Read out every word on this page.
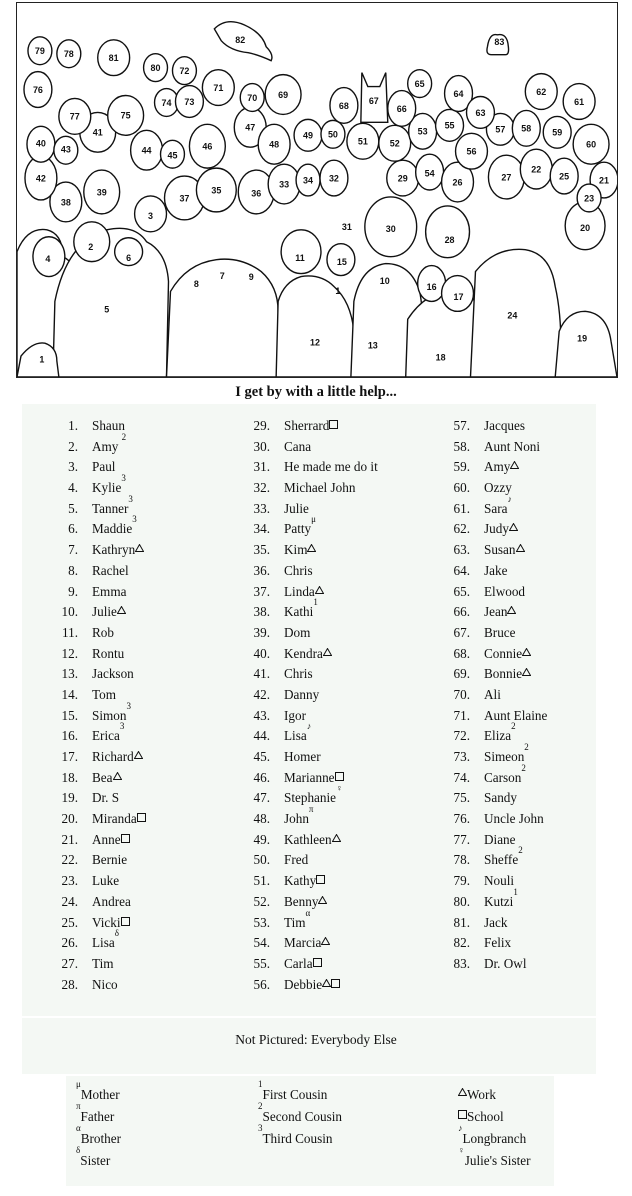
79 78	81
80 72
82	83
76	71
74 73	70 69
65
64	62
67
68	66	63
61
77	75
41	47
50
49	53
55	57 58 59
40
43	44 45
46	48	51 52
56
60
42
22
29 54
32
34
33	26	27	25	21
39	35	36
37	23
38
3
31	30	20
28
2
4	6	11	15
7	9
8	10
16
17
1
5
24
12	13
19
18
1
I get by with a little help...
1. Shaun
2. Amy $^2$
3. Paul
4. Kylie$^3$
5. Tanner$^3$
6. Maddie$^3$
7. Kathryn
8. Rachel
9. Emma
10. Julie
11. Rob
12. Rontu
13. Jackson
14. Tom
15. Simon$^3$
16. Erica$^3$
17. Richard
18. Bea
19. Dr. S
20. Miranda
21. Anne
22. Bernie
23. Luke
24. Andrea
25. Vicki
26. Lisa$^\delta$
27. Tim
28. Nico
29. Sherrard
30. Cana
31. He made me do it
32. Michael John
33. Julie
34. Patty$^\mu$
35. Kim
36. Chris
37. Linda
38. Kathi$^1$
39. Dom
40. Kendra
41. Chris
42. Danny
43. Igor
44. Lisa♪
45. Homer
46. Marianne
47. Stephanie♀
48. John$^\pi$
49. Kathleen
50. Fred
51. Kathy
52. Benny
53. Tim$^\alpha$
54. Marcia
55. Carla
56. Debbie
57. Jacques
58. Aunt Noni
59. Amy
60. Ozzy
61. Sara♪
62. Judy
63. Susan
64. Jake
65. Elwood
66. Jean
67. Bruce
68. Connie
69. Bonnie
70. Ali
71. Aunt Elaine
72. Eliza$^2$
73. Simeon$^2$
74. Carson$^2$
75. Sandy
76. Uncle John
77. Diane
78. Sheffe$^2$
79. Nouli
80. Kutzi$^1$
81. Jack
82. Felix
83. Dr. Owl
Not Pictured: Everybody Else
$^\mu$Mother
$^\pi$Father
$^\alpha$Brother
$^\delta$Sister
$^1$First Cousin
$^2$Second Cousin
$^3$Third Cousin
Work
School
♪Longbranch
♀Julie's Sister
